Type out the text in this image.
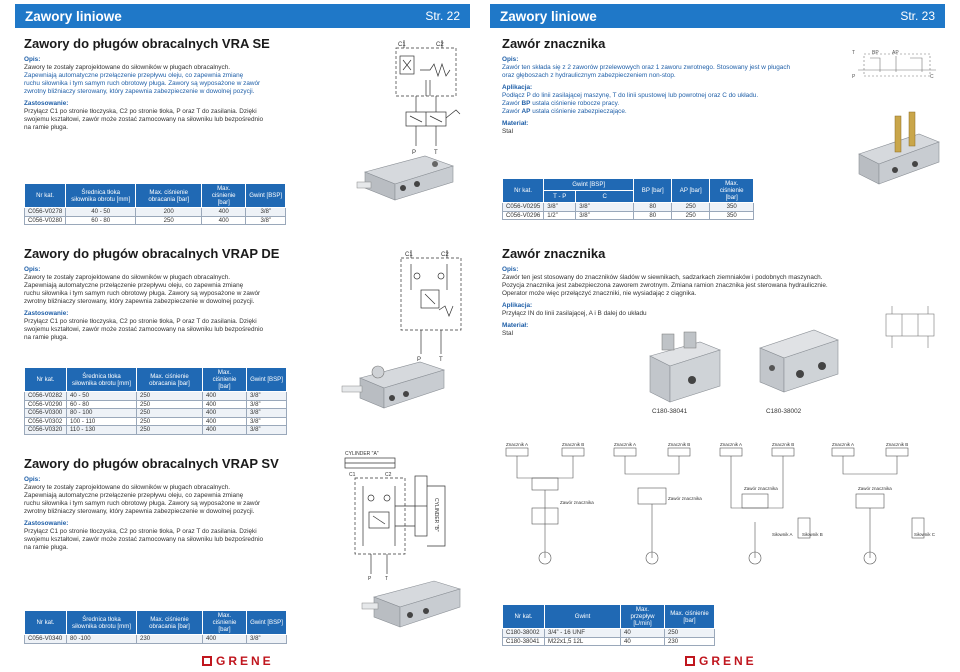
Zawory liniowe	Str. 22
Zawory do pługów obracalnych VRA SE
Opis:
Zawory te zostały zaprojektowane do siłowników w pługach obracalnych.
Zapewniają automatyczne przełączenie przepływu oleju, co zapewnia zmianę
ruchu siłownika i tym samym ruch obrotowy pługa. Zawory są wyposażone w zawór
zwrotny bliźniaczy sterowany, który zapewnia zabezpieczenie w dowolnej pozycji.
Zastosowanie:
Przyłącz C1 po stronie tłoczyska, C2 po stronie tłoka, P oraz T do zasilania. Dzięki
swojemu kształtowi, zawór może zostać zamocowany na siłowniku lub bezpośrednio
na ramie pługa.
C1	C2
P	T
Nr kat.	Średnica tłoka siłownika obrotu [mm]	Max. ciśnienie obracania [bar]	Max. ciśnienie [bar]	Gwint [BSP]
C056-V0278	40 - 50	200	400	3/8”
C056-V0280	60 - 80	250	400	3/8”
Zawory do pługów obracalnych VRAP DE
Opis:
Zawory te zostały zaprojektowane do siłowników w pługach obracalnych.
Zapewniają automatyczne przełączenie przepływu oleju, co zapewnia zmianę
ruchu siłownika i tym samym ruch obrotowy pługa. Zawory są wyposażone w zawór
zwrotny bliźniaczy sterowany, który zapewnia zabezpieczenie w dowolnej pozycji.
Zastosowanie:
Przyłącz C1 po stronie tłoczyska, C2 po stronie tłoka, P oraz T do zasilania. Dzięki
swojemu kształtowi, zawór może zostać zamocowany na siłowniku lub bezpośrednio
na ramie pługa.
C1	C2
P	T
Nr kat.	Średnica tłoka siłownika obrotu [mm]	Max. ciśnienie obracania [bar]	Max. ciśnienie [bar]	Gwint [BSP]
C056-V0282	40 - 50	250	400	3/8”
C056-V0290	60 - 80	250	400	3/8”
C056-V0300	80 - 100	250	400	3/8”
C056-V0302	100 - 110	250	400	3/8”
C056-V0320	110 - 130	250	400	3/8”
Zawory do pługów obracalnych VRAP SV
Opis:
Zawory te zostały zaprojektowane do siłowników w pługach obracalnych.
Zapewniają automatyczne przełączenie przepływu oleju, co zapewnia zmianę
ruchu siłownika i tym samym ruch obrotowy pługa. Zawory są wyposażone w zawór
zwrotny bliźniaczy sterowany, który zapewnia zabezpieczenie w dowolnej pozycji.
Zastosowanie:
Przyłącz C1 po stronie tłoczyska, C2 po stronie tłoka, P oraz T do zasilania. Dzięki
swojemu kształtowi, zawór może zostać zamocowany na siłowniku lub bezpośrednio
na ramie pługa.
CYLINDER "A"
CYLINDER "B"
C1	C2
P	T
Nr kat.	Średnica tłoka siłownika obrotu [mm]	Max. ciśnienie obracania [bar]	Max. ciśnienie [bar]	Gwint [BSP]
C056-V0340	80 -100	230	400	3/8”
GRENE
Zawory liniowe	Str. 23
Zawór znacznika
Opis:
Zawór ten składa się z 2 zaworów przelewowych oraz 1 zaworu zwrotnego. Stosowany jest w pługach
oraz głęboszach z hydraulicznym zabezpieczeniem non-stop.
Aplikacja:
Podłącz P do linii zasilającej maszynę, T do linii spustowej lub powrotnej oraz C do układu.
Zawór BP ustala ciśnienie robocze pracy.
Zawór AP ustala ciśnienie zabezpieczające.
Materiał:
Stal
T	BP	AP
P	C
Nr kat.	Gwint [BSP]		BP [bar]	AP [bar]	Max. ciśnienie [bar]
	T - P	C			
C056-V0295	3/8”	3/8”	80	250	350
C056-V0296	1/2”	3/8”	80	250	350
Zawór znacznika
Opis:
Zawór ten jest stosowany do znaczników śladów w siewnikach, sadzarkach ziemniaków i podobnych maszynach.
Pozycja znacznika jest zabezpieczona zaworem zwrotnym. Zmiana ramion znacznika jest sterowana hydraulicznie.
Operator może więc przełączyć znaczniki, nie wysiadając z ciągnika.
Aplikacja:
Przyłącz IN do linii zasilającej, A i B dalej do układu
Materiał:
Stal
C180-38041	C180-38002
Znacznik A	Znacznik B	Znacznik A	Znacznik B	Znacznik A	Znacznik B	Znacznik A	Znacznik B
Zawór znacznika
Zawór znacznika
Zawór znacznika	Zawór znacznika
Siłownik A Siłownik B	Siłownik C
Nr kat.	Gwint	Max. przepływ [L/min]	Max. ciśnienie [bar]
C180-38002	3/4” - 16 UNF	40	250
C180-38041	M22x1,5 12L	40	230
GRENE
